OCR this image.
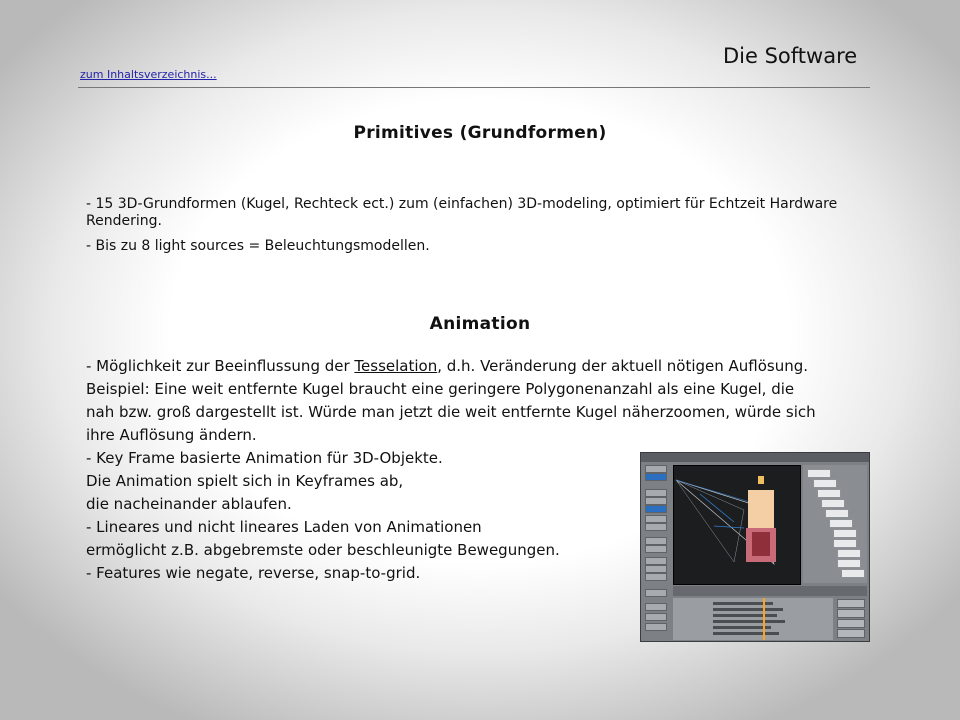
Die Software
zum Inhaltsverzeichnis...
Primitives (Grundformen)

- 15 3D-Grundformen (Kugel, Rechteck ect.) zum (einfachen) 3D-modeling, optimiert für Echtzeit Hardware Rendering.

- Bis zu 8 light sources = Beleuchtungsmodellen.

Animation

- Möglichkeit zur Beeinflussung der Tesselation, d.h. Veränderung der aktuell nötigen Auflösung.

Beispiel: Eine weit entfernte Kugel braucht eine geringere Polygonenanzahl als eine Kugel, die

nah bzw. groß dargestellt ist. Würde man jetzt die weit entfernte Kugel näherzoomen, würde sich

ihre Auflösung ändern.

- Key Frame basierte Animation für 3D-Objekte.

Die Animation spielt sich in Keyframes ab,

die nacheinander ablaufen.

- Lineares und nicht lineares Laden von Animationen

ermöglicht z.B. abgebremste oder beschleunigte Bewegungen.

- Features wie negate, reverse, snap-to-grid.
